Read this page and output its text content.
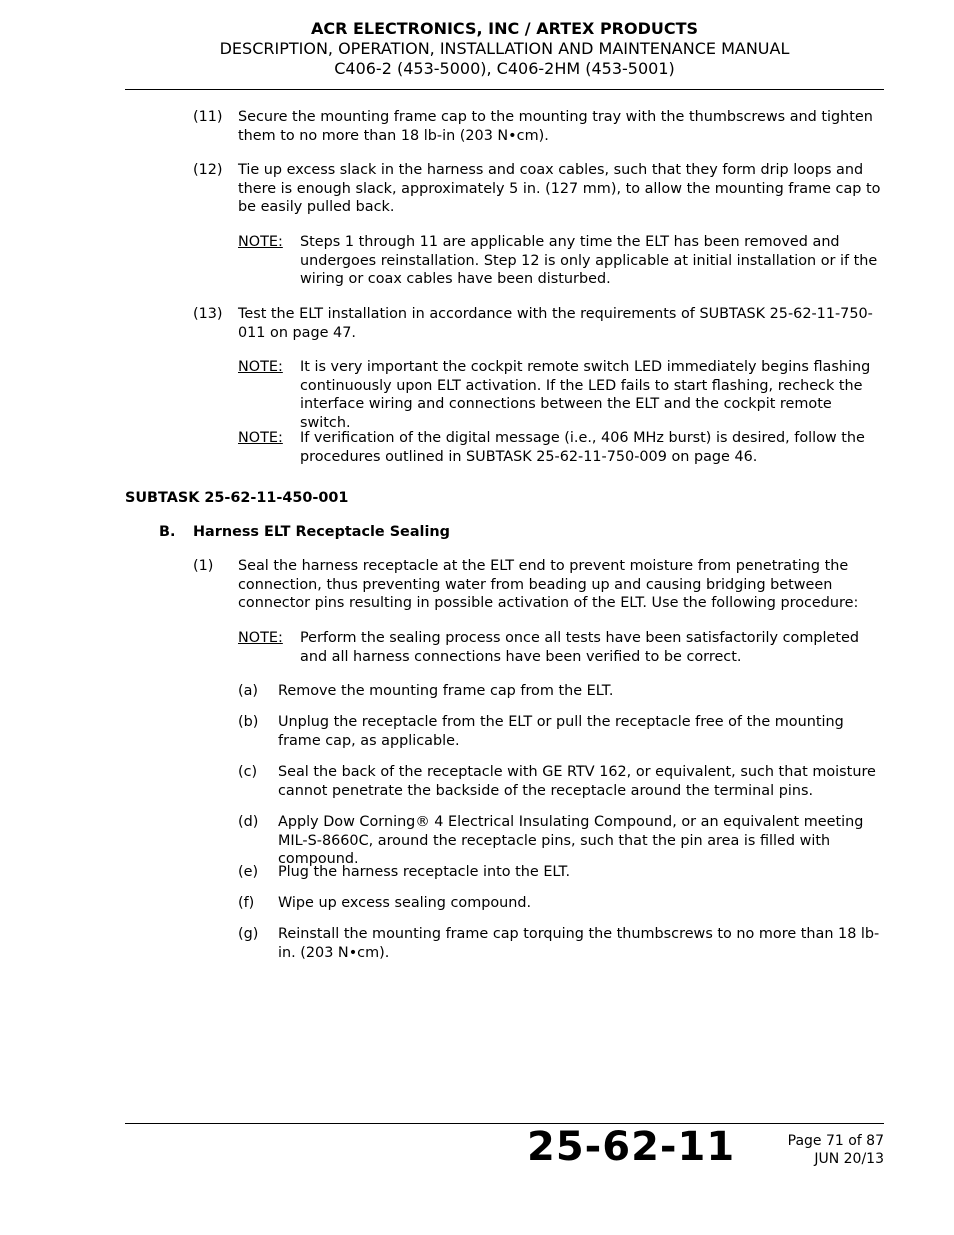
ACR ELECTRONICS, INC / ARTEX PRODUCTS
DESCRIPTION, OPERATION, INSTALLATION AND MAINTENANCE MANUAL
C406-2 (453-5000), C406-2HM (453-5001)
(11) Secure the mounting frame cap to the mounting tray with the thumbscrews and tighten them to no more than 18 lb-in (203 N•cm).
(12) Tie up excess slack in the harness and coax cables, such that they form drip loops and there is enough slack, approximately 5 in. (127 mm), to allow the mounting frame cap to be easily pulled back.
NOTE: Steps 1 through 11 are applicable any time the ELT has been removed and undergoes reinstallation. Step 12 is only applicable at initial installation or if the wiring or coax cables have been disturbed.
(13) Test the ELT installation in accordance with the requirements of SUBTASK 25-62-11-750-011 on page 47.
NOTE: It is very important the cockpit remote switch LED immediately begins flashing continuously upon ELT activation. If the LED fails to start flashing, recheck the interface wiring and connections between the ELT and the cockpit remote switch.
NOTE: If verification of the digital message (i.e., 406 MHz burst) is desired, follow the procedures outlined in SUBTASK 25-62-11-750-009 on page 46.
SUBTASK 25-62-11-450-001
B. Harness ELT Receptacle Sealing
(1) Seal the harness receptacle at the ELT end to prevent moisture from penetrating the connection, thus preventing water from beading up and causing bridging between connector pins resulting in possible activation of the ELT. Use the following procedure:
NOTE: Perform the sealing process once all tests have been satisfactorily completed and all harness connections have been verified to be correct.
(a) Remove the mounting frame cap from the ELT.
(b) Unplug the receptacle from the ELT or pull the receptacle free of the mounting frame cap, as applicable.
(c) Seal the back of the receptacle with GE RTV 162, or equivalent, such that moisture cannot penetrate the backside of the receptacle around the terminal pins.
(d) Apply Dow Corning® 4 Electrical Insulating Compound, or an equivalent meeting MIL-S-8660C, around the receptacle pins, such that the pin area is filled with compound.
(e) Plug the harness receptacle into the ELT.
(f) Wipe up excess sealing compound.
(g) Reinstall the mounting frame cap torquing the thumbscrews to no more than 18 lb-in. (203 N•cm).
25-62-11	Page 71 of 87
JUN 20/13
